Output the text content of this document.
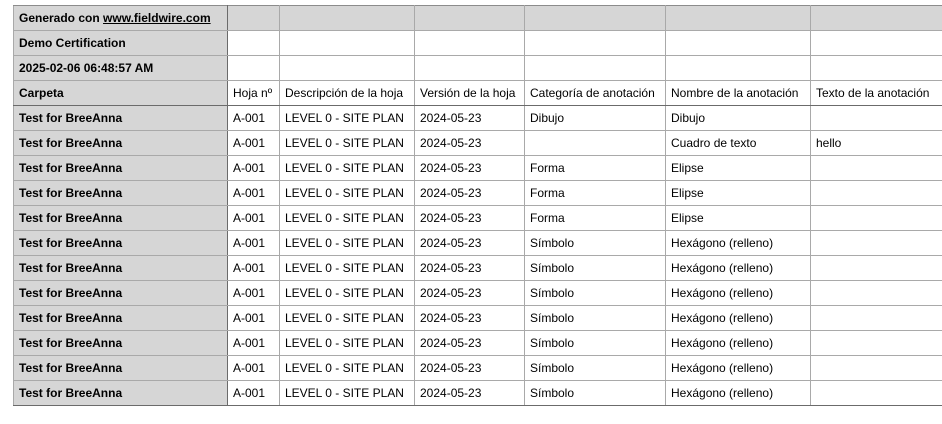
Generado con www.fieldwire.com						
Demo Certification						
2025-02-06 06:48:57 AM						
Carpeta	Hoja nº	Descripción de la hoja	Versión de la hoja	Categoría de anotación	Nombre de la anotación	Texto de la anotación
Test for BreeAnna	A-001	LEVEL 0 - SITE PLAN	2024-05-23	Dibujo	Dibujo	
Test for BreeAnna	A-001	LEVEL 0 - SITE PLAN	2024-05-23		Cuadro de texto	hello
Test for BreeAnna	A-001	LEVEL 0 - SITE PLAN	2024-05-23	Forma	Elipse	
Test for BreeAnna	A-001	LEVEL 0 - SITE PLAN	2024-05-23	Forma	Elipse	
Test for BreeAnna	A-001	LEVEL 0 - SITE PLAN	2024-05-23	Forma	Elipse	
Test for BreeAnna	A-001	LEVEL 0 - SITE PLAN	2024-05-23	Símbolo	Hexágono (relleno)	
Test for BreeAnna	A-001	LEVEL 0 - SITE PLAN	2024-05-23	Símbolo	Hexágono (relleno)	
Test for BreeAnna	A-001	LEVEL 0 - SITE PLAN	2024-05-23	Símbolo	Hexágono (relleno)	
Test for BreeAnna	A-001	LEVEL 0 - SITE PLAN	2024-05-23	Símbolo	Hexágono (relleno)	
Test for BreeAnna	A-001	LEVEL 0 - SITE PLAN	2024-05-23	Símbolo	Hexágono (relleno)	
Test for BreeAnna	A-001	LEVEL 0 - SITE PLAN	2024-05-23	Símbolo	Hexágono (relleno)	
Test for BreeAnna	A-001	LEVEL 0 - SITE PLAN	2024-05-23	Símbolo	Hexágono (relleno)	
